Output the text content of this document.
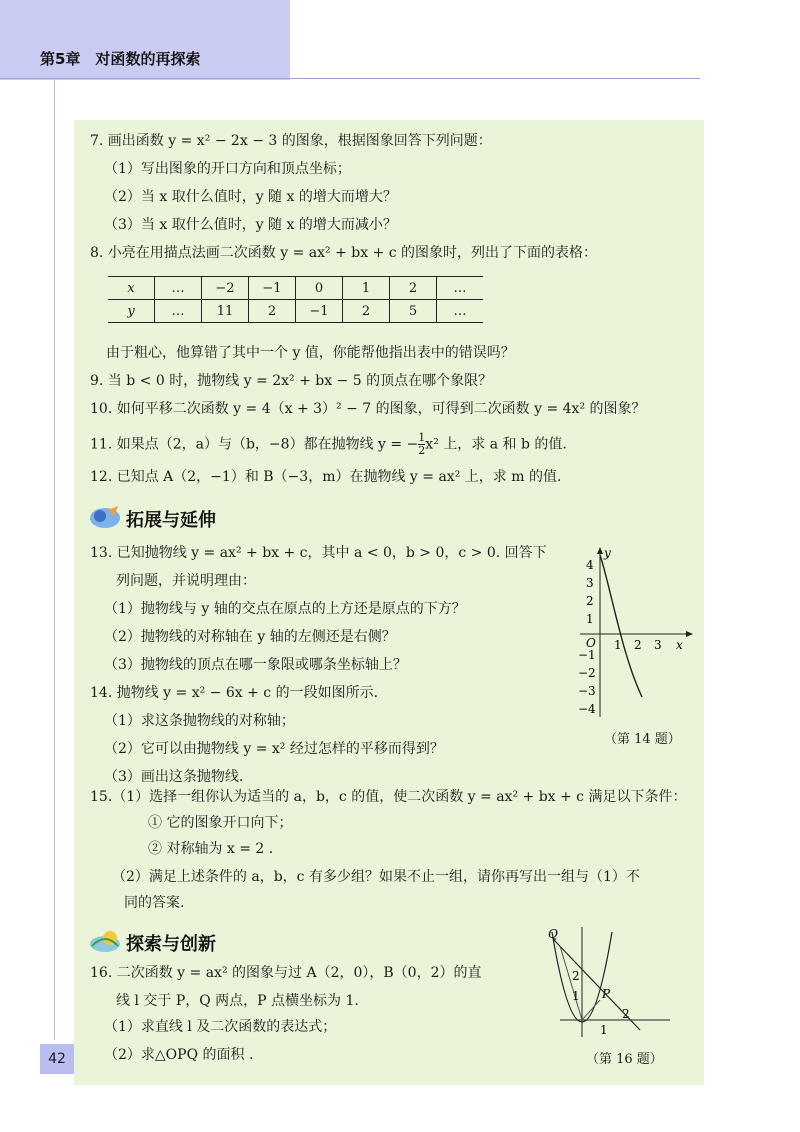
第5章　对函数的再探索
7. 画出函数 y = x² − 2x − 3 的图象，根据图象回答下列问题：
（1）写出图象的开口方向和顶点坐标；
（2）当 x 取什么值时，y 随 x 的增大而增大？
（3）当 x 取什么值时，y 随 x 的增大而减小？
8. 小亮在用描点法画二次函数 y = ax² + bx + c 的图象时，列出了下面的表格：
x	…	−2	−1	0	1	2	…
y	…	11	2	−1	2	5	…
由于粗心，他算错了其中一个 y 值，你能帮他指出表中的错误吗？
9. 当 b < 0 时，抛物线 y = 2x² + bx − 5 的顶点在哪个象限？
10. 如何平移二次函数 y = 4（x + 3）² − 7 的图象，可得到二次函数 y = 4x² 的图象？
11. 如果点（2，a）与（b，−8）都在抛物线 y = − $\frac{1}{2} x^2$ 上，求 a 和 b 的值.
12. 已知点 A（2，−1）和 B（−3，m）在抛物线 y = ax² 上，求 m 的值.
拓展与延伸
13. 已知抛物线 y = ax² + bx + c，其中 a < 0，b > 0，c > 0. 回答下
列问题，并说明理由：
（1）抛物线与 y 轴的交点在原点的上方还是原点的下方？
（2）抛物线的对称轴在 y 轴的左侧还是右侧？
（3）抛物线的顶点在哪一象限或哪条坐标轴上？
14. 抛物线 y = x² − 6x + c 的一段如图所示.
（1）求这条抛物线的对称轴；
（2）它可以由抛物线 y = x² 经过怎样的平移而得到？
（3）画出这条抛物线.
y
x
O
4
3
2
1
−1
−2
−3
−4
1 2 3
（第 14 题）
15.（1）选择一组你认为适当的 a，b，c 的值，使二次函数 y = ax² + bx + c 满足以下条件：
① 它的图象开口向下；
② 对称轴为 x = 2 .
（2）满足上述条件的 a，b，c 有多少组？如果不止一组，请你再写出一组与（1）不
同的答案.
探索与创新
16. 二次函数 y = ax² 的图象与过 A（2，0），B（0，2）的直
线 l 交于 P，Q 两点，P 点横坐标为 1.
（1）求直线 l 及二次函数的表达式；
（2）求△OPQ 的面积 .
Q
2
1 P
1
2
（第 16 题）
42
